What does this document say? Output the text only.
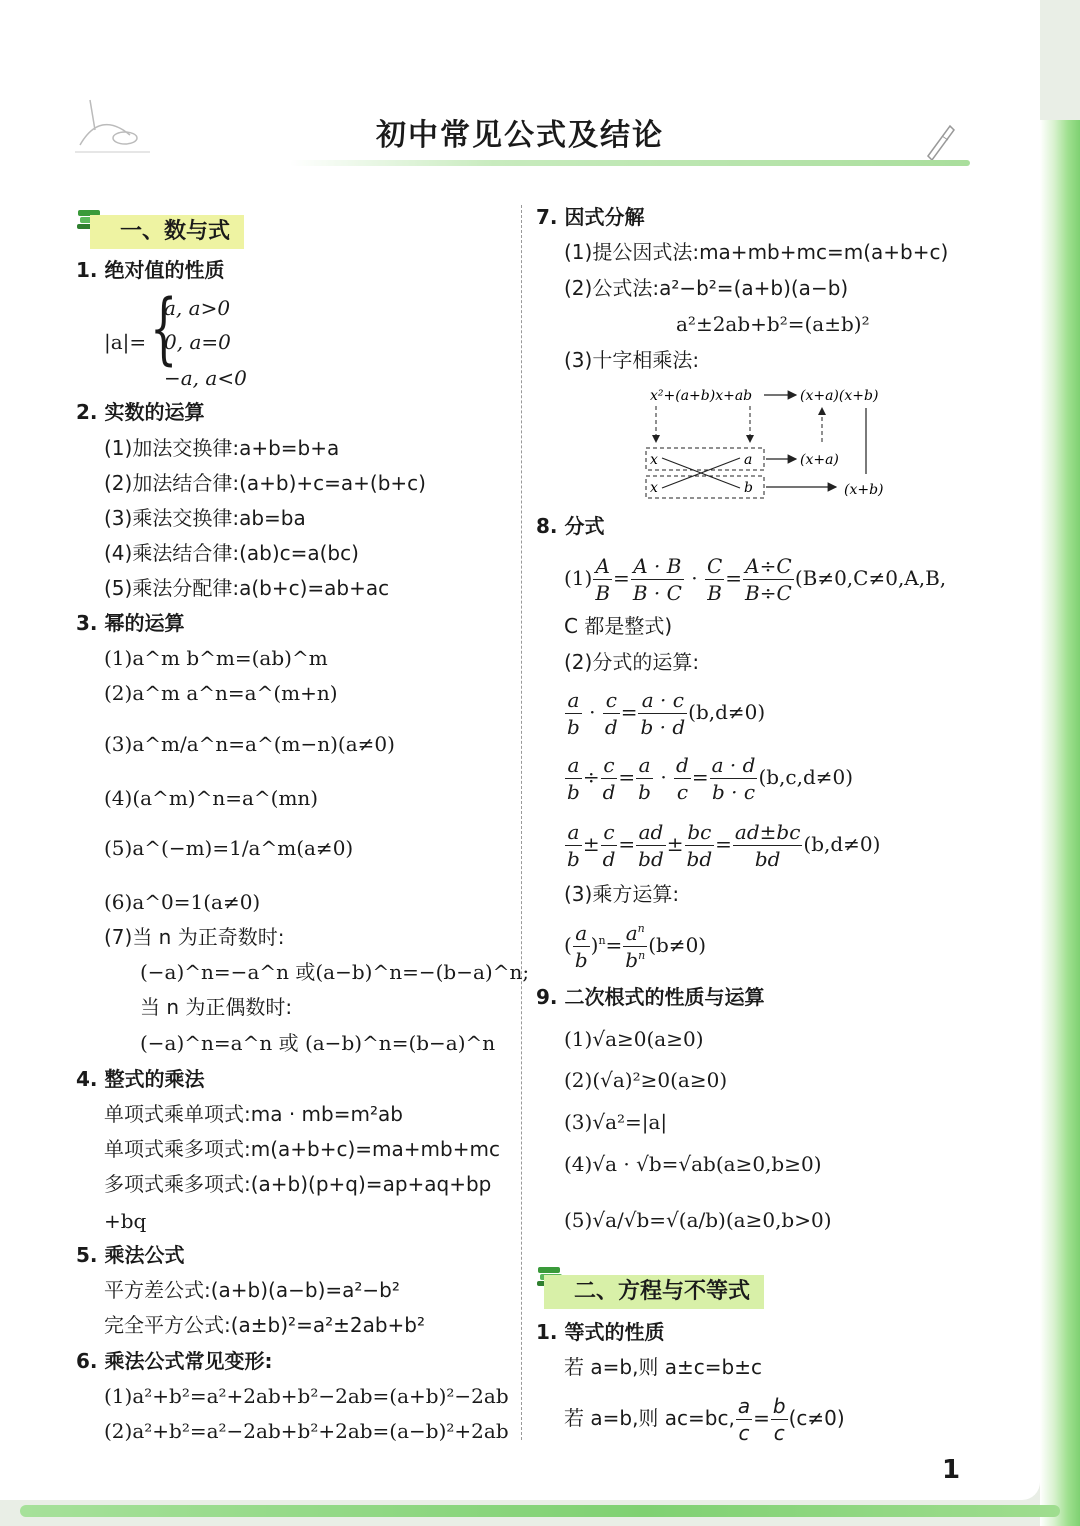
初中常见公式及结论
一、数与式
1. 绝对值的性质
|a|= {
a, a>0
0, a=0
−a, a<0
2. 实数的运算
(1)加法交换律:a+b=b+a
(2)加法结合律:(a+b)+c=a+(b+c)
(3)乘法交换律:ab=ba
(4)乘法结合律:(ab)c=a(bc)
(5)乘法分配律:a(b+c)=ab+ac
3. 幂的运算
(1)a^m b^m=(ab)^m
(2)a^m a^n=a^(m+n)
(3)a^m/a^n=a^(m−n)(a≠0)
(4)(a^m)^n=a^(mn)
(5)a^(−m)=1/a^m(a≠0)
(6)a^0=1(a≠0)
(7)当 n 为正奇数时:
(−a)^n=−a^n 或(a−b)^n=−(b−a)^n;
当 n 为正偶数时:
(−a)^n=a^n 或 (a−b)^n=(b−a)^n
4. 整式的乘法
单项式乘单项式:ma · mb=m²ab
单项式乘多项式:m(a+b+c)=ma+mb+mc
多项式乘多项式:(a+b)(p+q)=ap+aq+bp
+bq
5. 乘法公式
平方差公式:(a+b)(a−b)=a²−b²
完全平方公式:(a±b)²=a²±2ab+b²
6. 乘法公式常见变形:
(1)a²+b²=a²+2ab+b²−2ab=(a+b)²−2ab
(2)a²+b²=a²−2ab+b²+2ab=(a−b)²+2ab
7. 因式分解
(1)提公因式法:ma+mb+mc=m(a+b+c)
(2)公式法:a²−b²=(a+b)(a−b)
a²±2ab+b²=(a±b)²
(3)十字相乘法:
x²+(a+b)x+ab	(x+a)(x+b)
x	a
x	b
(x+a)
(x+b)
8. 分式
$(1) \frac{A}{B} = \frac{A \cdot B}{B \cdot C} \cdot \frac{C}{B} = \frac{A\div C}{B\div C} (B\ne 0,C\ne 0,A,B$,
C 都是整式)
(2)分式的运算:
$\frac{a}{b} \cdot \frac{c}{d} = \frac{a \cdot c}{b \cdot d} (b,d\ne 0)$
$\frac{a}{b} \div \frac{c}{d} = \frac{a}{b} \cdot \frac{d}{c} = \frac{a \cdot d}{b \cdot c} (b,c,d\ne 0)$
$\frac{a}{b} \pm \frac{c}{d} = \frac{ad}{bd} \pm \frac{bc}{bd} = \frac{ad\pm bc}{bd} (b,d\ne 0)$
(3)乘方运算:
( $\frac{a}{b} )^n= \frac{a^n}{b^n} (b\ne 0)$
9. 二次根式的性质与运算
(1)√a≥0(a≥0)
(2)(√a)²≥0(a≥0)
(3)√a²=|a|
(4)√a · √b=√ab(a≥0,b≥0)
(5)√a/√b=√(a/b)(a≥0,b>0)
二、方程与不等式
1. 等式的性质
若 a=b,则 a±c=b±c
若 a=b,则 ac=bc, $\frac{a}{c} = \frac{b}{c} (c\ne 0)$
1
